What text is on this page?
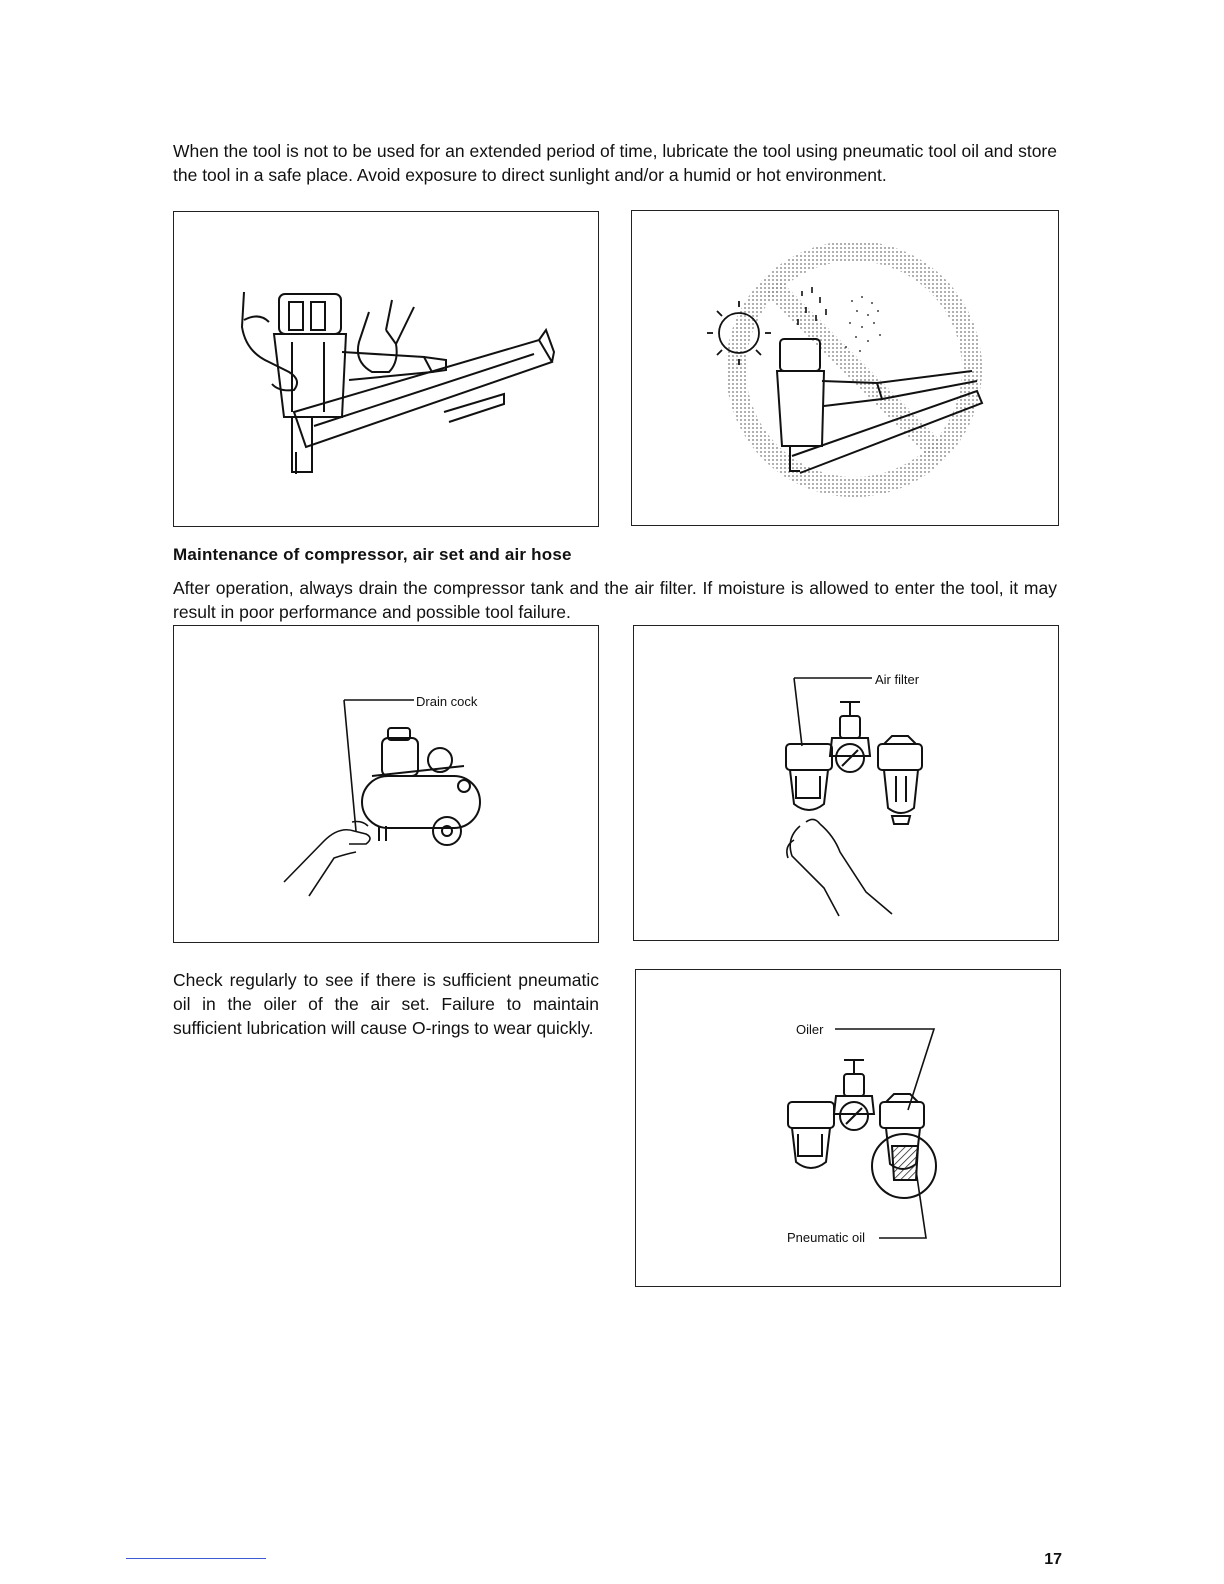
When the tool is not to be used for an extended period of time, lubricate the tool using pneumatic tool oil and store the tool in a safe place. Avoid exposure to direct sunlight and/or a humid or hot environment.

Maintenance of compressor, air set and air hose

After operation, always drain the compressor tank and the air filter. If moisture is allowed to enter the tool, it may result in poor performance and possible tool failure.

Drain cock
Air filter

Check regularly to see if there is sufficient pneumatic oil in the oiler of the air set. Failure to maintain sufficient lubrication will cause O-rings to wear quickly.	Oiler
Pneumatic oil
17
